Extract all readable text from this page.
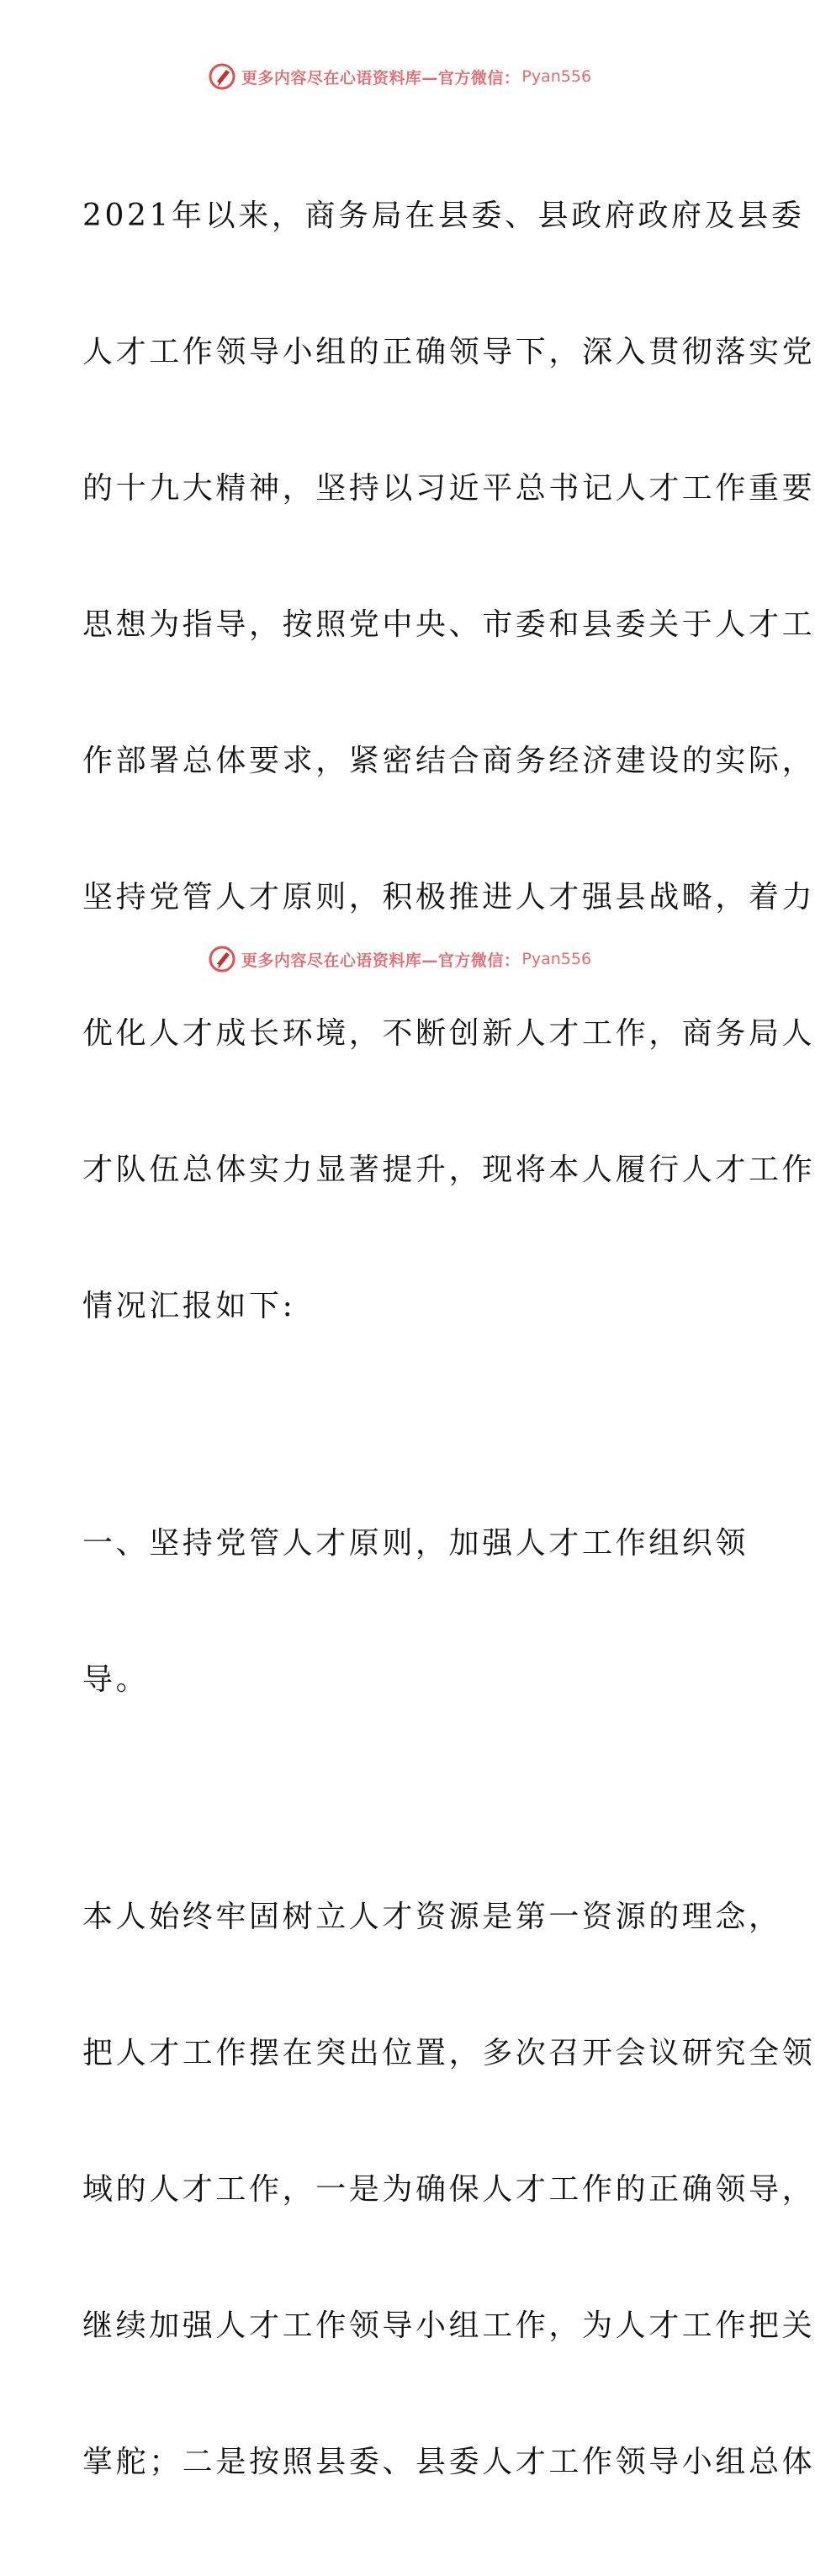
更多内容尽在心语资料库—官方微信： Pyan556

2021年以来，商务局在县委、县政府政府及县委

人才工作领导小组的正确领导下，深入贯彻落实党

的十九大精神，坚持以习近平总书记人才工作重要

思想为指导，按照党中央、市委和县委关于人才工

作部署总体要求，紧密结合商务经济建设的实际，

坚持党管人才原则，积极推进人才强县战略，着力

优化人才成长环境，不断创新人才工作，商务局人

才队伍总体实力显著提升，现将本人履行人才工作

情况汇报如下:

一、坚持党管人才原则，加强人才工作组织领

导。

本人始终牢固树立人才资源是第一资源的理念，

把人才工作摆在突出位置，多次召开会议研究全领

域的人才工作，一是为确保人才工作的正确领导，

继续加强人才工作领导小组工作，为人才工作把关

掌舵；二是按照县委、县委人才工作领导小组总体

更多内容尽在心语资料库—官方微信： Pyan556
